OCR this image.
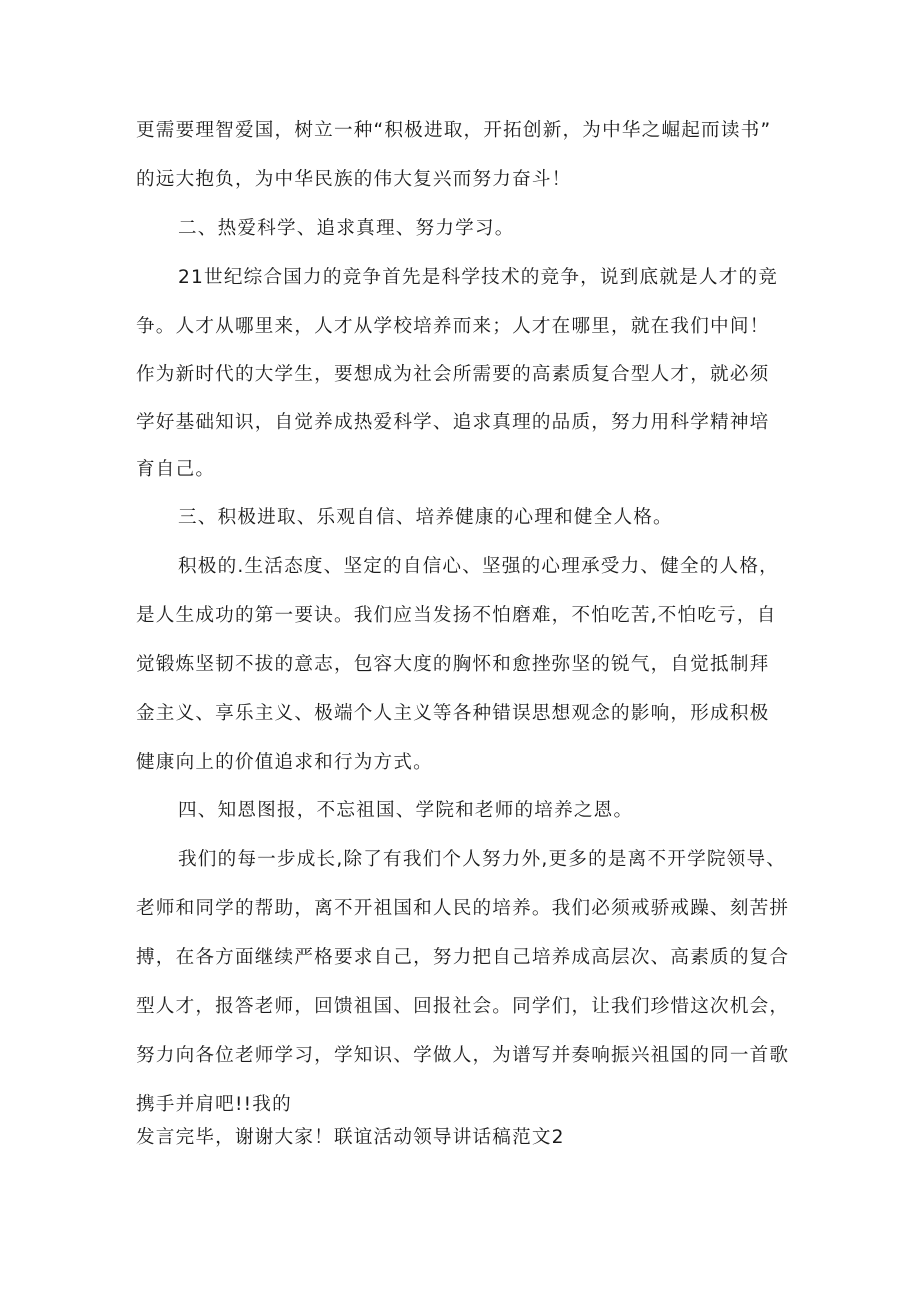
更需要理智爱国，树立一种“积极进取，开拓创新，为中华之崛起而读书”
的远大抱负，为中华民族的伟大复兴而努力奋斗！
二、热爱科学、追求真理、努力学习。
21世纪综合国力的竞争首先是科学技术的竞争，说到底就是人才的竞
争。人才从哪里来，人才从学校培养而来；人才在哪里，就在我们中间！
作为新时代的大学生，要想成为社会所需要的高素质复合型人才，就必须
学好基础知识，自觉养成热爱科学、追求真理的品质，努力用科学精神培
育自己。
三、积极进取、乐观自信、培养健康的心理和健全人格。
积极的.生活态度、坚定的自信心、坚强的心理承受力、健全的人格，
是人生成功的第一要诀。我们应当发扬不怕磨难，不怕吃苦,不怕吃亏，自
觉锻炼坚韧不拔的意志，包容大度的胸怀和愈挫弥坚的锐气，自觉抵制拜
金主义、享乐主义、极端个人主义等各种错误思想观念的影响，形成积极
健康向上的价值追求和行为方式。
四、知恩图报，不忘祖国、学院和老师的培养之恩。
我们的每一步成长,除了有我们个人努力外,更多的是离不开学院领导、
老师和同学的帮助，离不开祖国和人民的培养。我们必须戒骄戒躁、刻苦拼
搏，在各方面继续严格要求自己，努力把自己培养成高层次、高素质的复合
型人才，报答老师，回馈祖国、回报社会。同学们，让我们珍惜这次机会，
努力向各位老师学习，学知识、学做人，为谱写并奏响振兴祖国的同一首歌
携手并肩吧!!我的
发言完毕，谢谢大家！联谊活动领导讲话稿范文2
